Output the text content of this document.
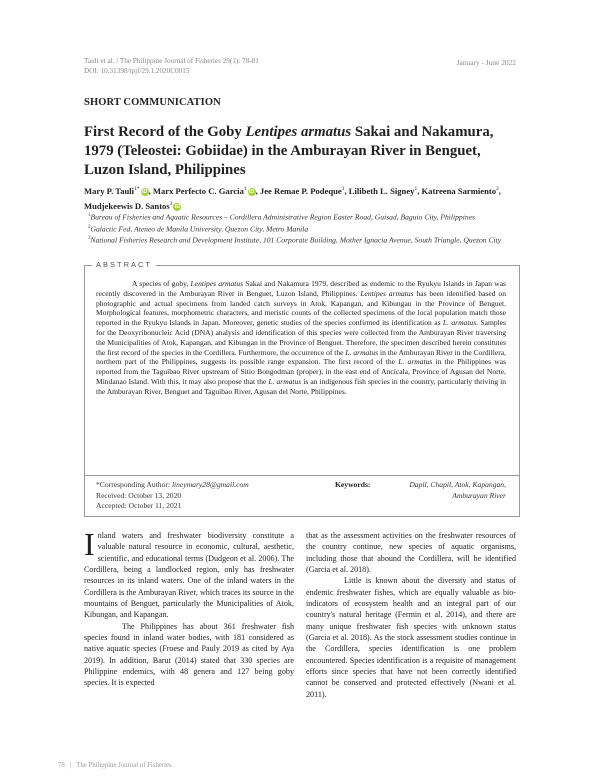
Tauli et al. / The Philippine Journal of Fisheries 29(1): 78-81
DOI: 10.31398/tpjf/29.1.2020C0015
January - June 2022
SHORT COMMUNICATION
First Record of the Goby Lentipes armatus Sakai and Nakamura, 1979 (Teleostei: Gobiidae) in the Amburayan River in Benguet, Luzon Island, Philippines
Mary P. Tauli$^{1*}$ iD, Marx Perfecto C. Garcia$^1$ iD, Jee Remae P. Podeque$^1$, Lilibeth L. Signey$^1$, Katreena Sarmiento$^2$, Mudjekeewis D. Santos$^3$ iD
$^1$Bureau of Fisheries and Aquatic Resources – Cordillera Administrative Region Easter Road, Guisad, Baguio City, Philippines
$^2$Galactic Fed, Ateneo de Manila University, Quezon City, Metro Manila
$^3$National Fisheries Research and Development Institute, 101 Corporate Building, Mother Ignacia Avenue, South Triangle, Quezon City
ABSTRACT
A species of goby, Lentipes armatus Sakai and Nakamura 1979, described as endemic to the Ryukyu Islands in Japan was recently discovered in the Amburayan River in Benguet, Luzon Island, Philippines. Lentipes armatus has been identified based on photographic and actual specimens from landed catch surveys in Atok, Kapangan, and Kibungan in the Province of Benguet. Morphological features, morphometric characters, and meristic counts of the collected specimens of the local population match those reported in the Ryukyu Islands in Japan. Moreover, genetic studies of the species confirmed its identification as L. armatus. Samples for the Deoxyribonucleic Acid (DNA) analysis and identification of this species were collected from the Amburayan River traversing the Municipalities of Atok, Kapangan, and Kibungan in the Province of Benguet. Therefore, the specimen described herein constitutes the first record of the species in the Cordillera. Furthermore, the occurrence of the L. armatus in the Amburayan River in the Cordillera, northern part of the Philippines, suggests its possible range expansion. The first record of the L. armatus in the Philippines was reported from the Taguibao River upstream of Sitio Bongodman (proper), in the east end of Ancicala, Province of Agusan del Norte, Mindanao Island. With this, it may also propose that the L. armatus is an indigenous fish species in the country, particularly thriving in the Amburayan River, Benguet and Taguibao River, Agusan del Norte, Philippines.
*Corresponding Author: lineymary28@gmail.com
Received: October 13, 2020
Accepted: October 11, 2021
Keywords:	Dapil, Chapil, Atok, Kapangan,
Amburayan River

Inland waters and freshwater biodiversity constitute a valuable natural resource in economic, cultural, aesthetic, scientific, and educational terms (Dudgeon et al. 2006). The Cordillera, being a landlocked region, only has freshwater resources in its inland waters. One of the inland waters in the Cordillera is the Amburayan River, which traces its source in the mountains of Benguet, particularly the Municipalities of Atok, Kibungan, and Kapangan.

The Philippines has about 361 freshwater fish species found in inland water bodies, with 181 considered as native aquatic species (Froese and Pauly 2019 as cited by Aya 2019). In addition, Barut (2014) stated that 330 species are Philippine endemics, with 48 genera and 127 being goby species. It is expected

that as the assessment activities on the freshwater resources of the country continue, new species of aquatic organisms, including those that abound the Cordillera, will be identified (Garcia et al. 2018).

Little is known about the diversity and status of endemic freshwater fishes, which are equally valuable as bio-indicators of ecosystem health and an integral part of our country's natural heritage (Fermin et al. 2014), and there are many unique freshwater fish species with unknown status (Garcia et al. 2018). As the stock assessment studies continue in the Cordillera, species identification is one problem encountered. Species identification is a requisite of management efforts since species that have not been correctly identified cannot be conserved and protected effectively (Nwani et al. 2011).

78 | The Philippine Journal of Fisheries
